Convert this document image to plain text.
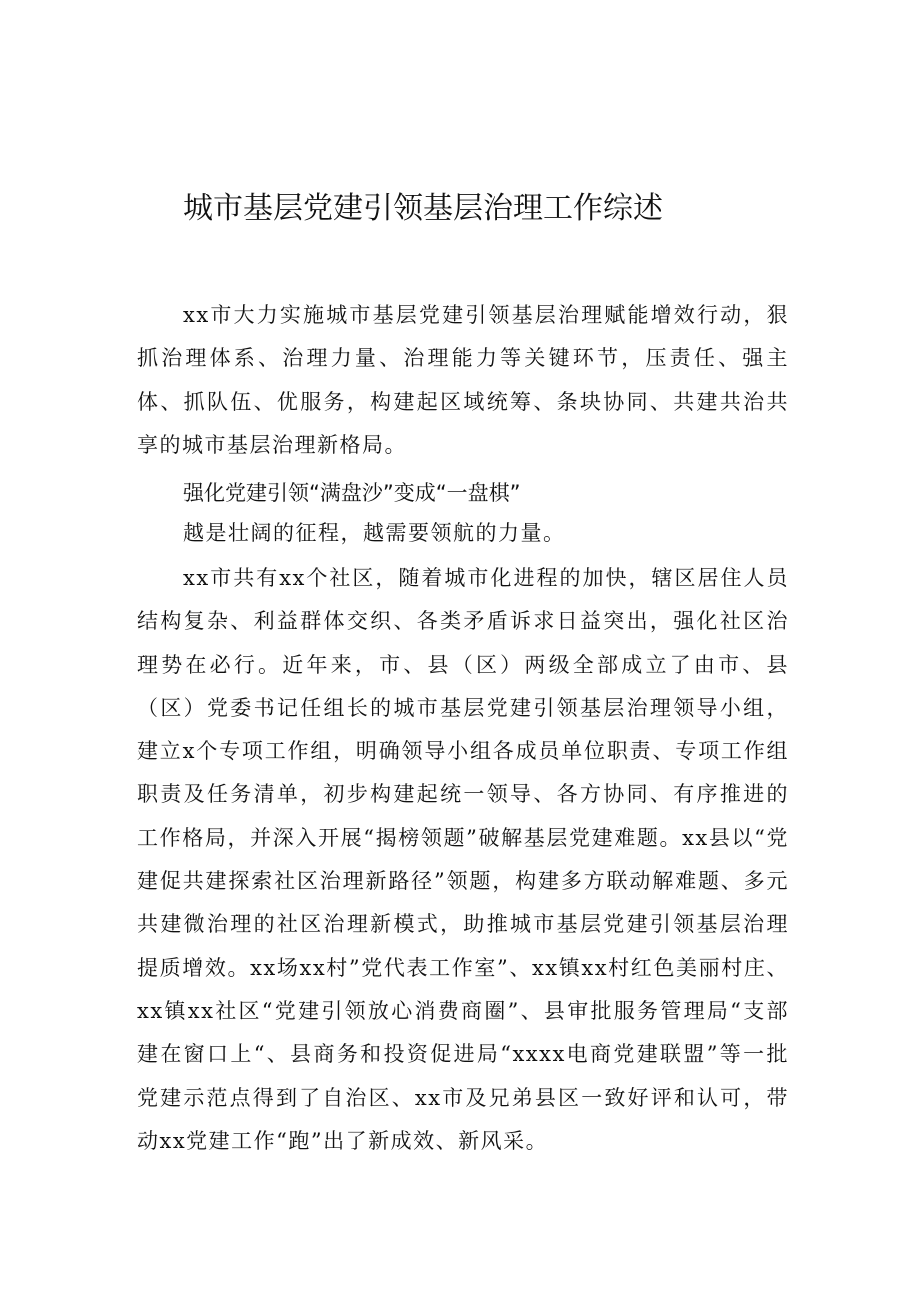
城市基层党建引领基层治理工作综述

xx市大力实施城市基层党建引领基层治理赋能增效行动，狠抓治理体系、治理力量、治理能力等关键环节，压责任、强主体、抓队伍、优服务，构建起区域统筹、条块协同、共建共治共享的城市基层治理新格局。

强化党建引领“满盘沙”变成“一盘棋”

越是壮阔的征程，越需要领航的力量。

xx市共有xx个社区，随着城市化进程的加快，辖区居住人员结构复杂、利益群体交织、各类矛盾诉求日益突出，强化社区治理势在必行。近年来，市、县（区）两级全部成立了由市、县（区）党委书记任组长的城市基层党建引领基层治理领导小组，建立x个专项工作组，明确领导小组各成员单位职责、专项工作组职责及任务清单，初步构建起统一领导、各方协同、有序推进的工作格局，并深入开展“揭榜领题”破解基层党建难题。xx县以“党建促共建探索社区治理新路径”领题，构建多方联动解难题、多元共建微治理的社区治理新模式，助推城市基层党建引领基层治理提质增效。xx场xx村”党代表工作室”、xx镇xx村红色美丽村庄、xx镇xx社区“党建引领放心消费商圈”、县审批服务管理局“支部建在窗口上“、县商务和投资促进局“xxxx电商党建联盟”等一批党建示范点得到了自治区、xx市及兄弟县区一致好评和认可，带动xx党建工作“跑”出了新成效、新风采。
